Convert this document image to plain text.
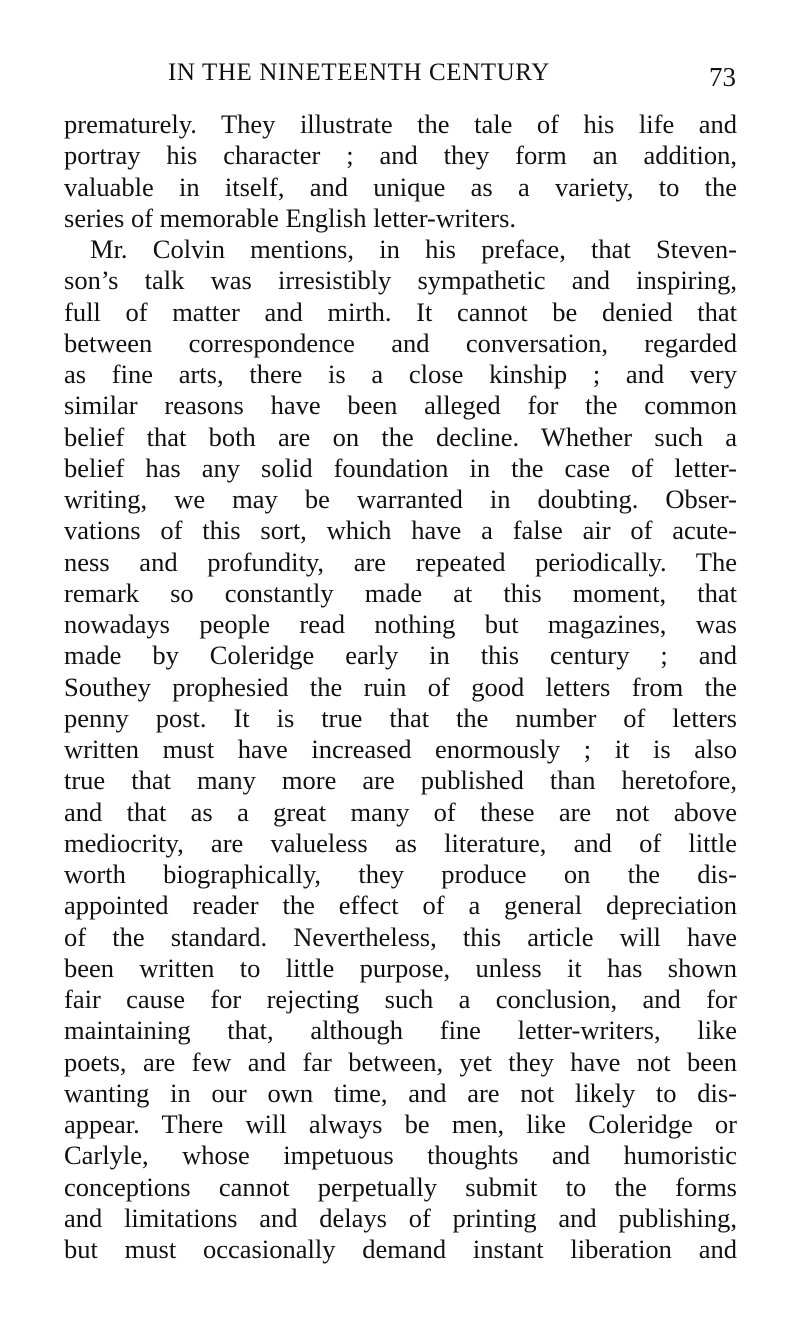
IN THE NINETEENTH CENTURY	73
prematurely. They illustrate the tale of his life and
portray his character ; and they form an addition,
valuable in itself, and unique as a variety, to the
series of memorable English letter-writers.
Mr. Colvin mentions, in his preface, that Steven-
son’s talk was irresistibly sympathetic and inspiring,
full of matter and mirth. It cannot be denied that
between correspondence and conversation, regarded
as fine arts, there is a close kinship ; and very
similar reasons have been alleged for the common
belief that both are on the decline. Whether such a
belief has any solid foundation in the case of letter-
writing, we may be warranted in doubting. Obser-
vations of this sort, which have a false air of acute-
ness and profundity, are repeated periodically. The
remark so constantly made at this moment, that
nowadays people read nothing but magazines, was
made by Coleridge early in this century ; and
Southey prophesied the ruin of good letters from the
penny post. It is true that the number of letters
written must have increased enormously ; it is also
true that many more are published than heretofore,
and that as a great many of these are not above
mediocrity, are valueless as literature, and of little
worth biographically, they produce on the dis-
appointed reader the effect of a general depreciation
of the standard. Nevertheless, this article will have
been written to little purpose, unless it has shown
fair cause for rejecting such a conclusion, and for
maintaining that, although fine letter-writers, like
poets, are few and far between, yet they have not been
wanting in our own time, and are not likely to dis-
appear. There will always be men, like Coleridge or
Carlyle, whose impetuous thoughts and humoristic
conceptions cannot perpetually submit to the forms
and limitations and delays of printing and publishing,
but must occasionally demand instant liberation and
